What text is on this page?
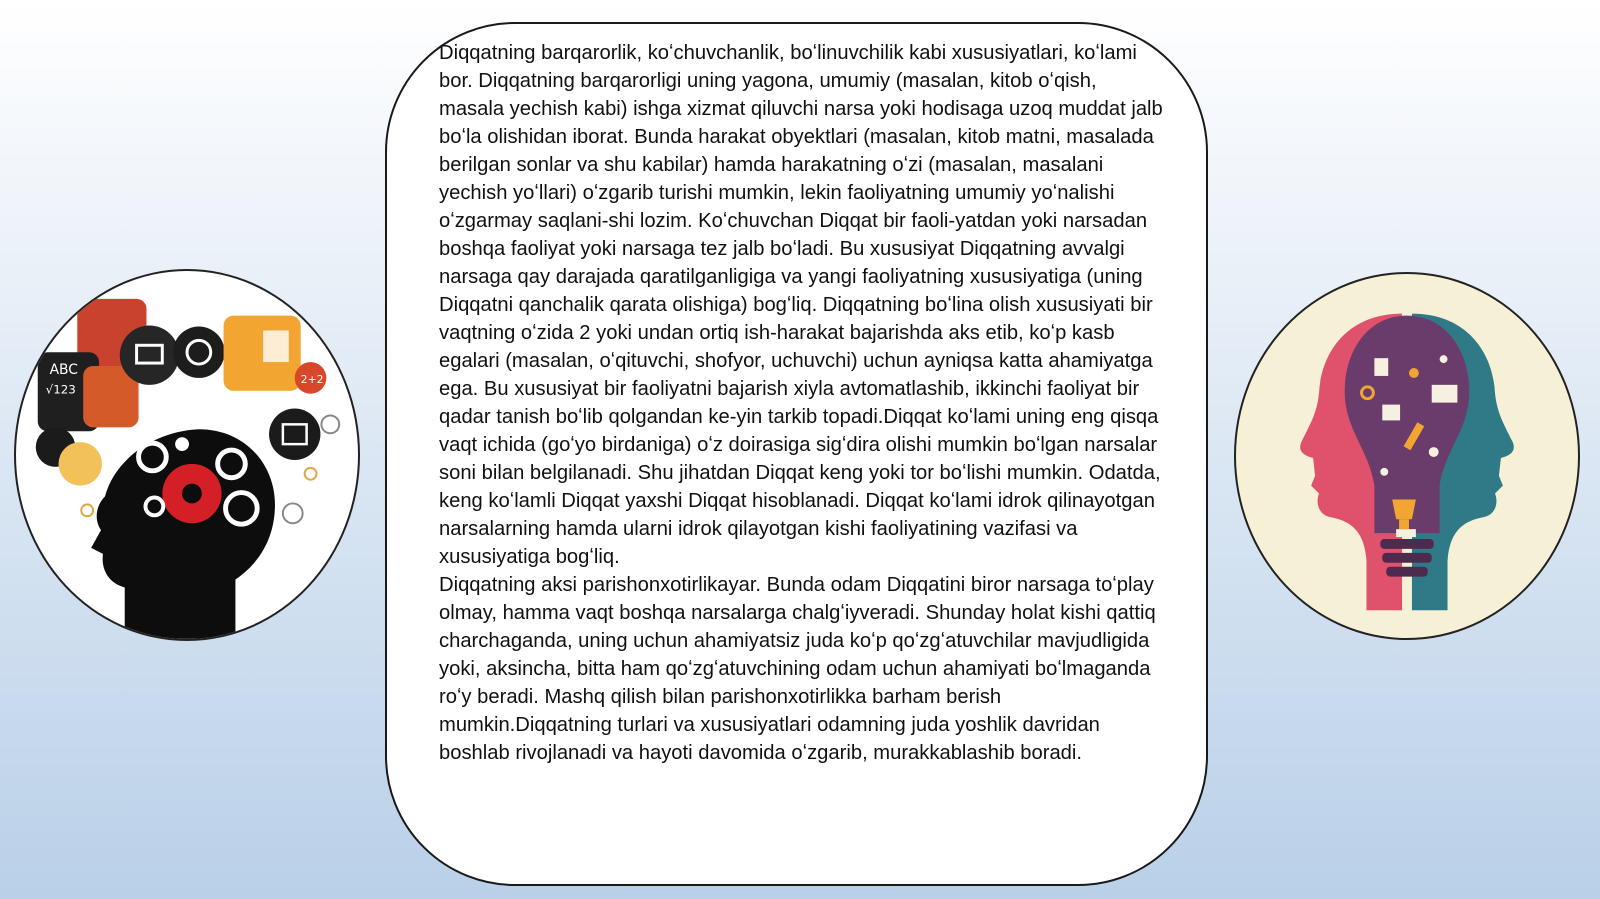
ABC
√123
2+2

Diqqatning barqarorlik, koʻchuvchanlik, boʻlinuvchilik kabi xususiyatlari, koʻlami bor. Diqqatning barqarorligi uning yagona, umumiy (masalan, kitob oʻqish, masala yechish kabi) ishga xizmat qiluvchi narsa yoki hodisaga uzoq muddat jalb boʻla olishidan iborat. Bunda harakat obyektlari (masalan, kitob matni, masalada berilgan sonlar va shu kabilar) hamda harakatning oʻzi (masalan, masalani yechish yoʻllari) oʻzgarib turishi mumkin, lekin faoliyatning umumiy yoʻnalishi oʻzgarmay saqlani-shi lozim. Koʻchuvchan Diqqat bir faoli-yatdan yoki narsadan boshqa faoliyat yoki narsaga tez jalb boʻladi. Bu xususiyat Diqqatning avvalgi narsaga qay darajada qaratilganligiga va yangi faoliyatning xususiyatiga (uning Diqqatni qanchalik qarata olishiga) bogʻliq. Diqqatning boʻlina olish xususiyati bir vaqtning oʻzida 2 yoki undan ortiq ish-harakat bajarishda aks etib, koʻp kasb egalari (masalan, oʻqituvchi, shofyor, uchuvchi) uchun ayniqsa katta ahamiyatga ega. Bu xususiyat bir faoliyatni bajarish xiyla avtomatlashib, ikkinchi faoliyat bir qadar tanish boʻlib qolgandan ke-yin tarkib topadi.Diqqat koʻlami uning eng qisqa vaqt ichida (goʻyo birdaniga) oʻz doirasiga sigʻdira olishi mumkin boʻlgan narsalar soni bilan belgilanadi. Shu jihatdan Diqqat keng yoki tor boʻlishi mumkin. Odatda, keng koʻlamli Diqqat yaxshi Diqqat hisoblanadi. Diqqat koʻlami idrok qilinayotgan narsalarning hamda ularni idrok qilayotgan kishi faoliyatining vazifasi va xususiyatiga bogʻliq.

Diqqatning aksi parishonxotirlikayar. Bunda odam Diqqatini biror narsaga toʻplay olmay, hamma vaqt boshqa narsalarga chalgʻiyveradi. Shunday holat kishi qattiq charchaganda, uning uchun ahamiyatsiz juda koʻp qoʻzgʻatuvchilar mavjudligida yoki, aksincha, bitta ham qoʻzgʻatuvchining odam uchun ahamiyati boʻlmaganda roʻy beradi. Mashq qilish bilan parishonxotirlikka barham berish mumkin.Diqqatning turlari va xususiyatlari odamning juda yoshlik davridan boshlab rivojlanadi va hayoti davomida oʻzgarib, murakkablashib boradi.
